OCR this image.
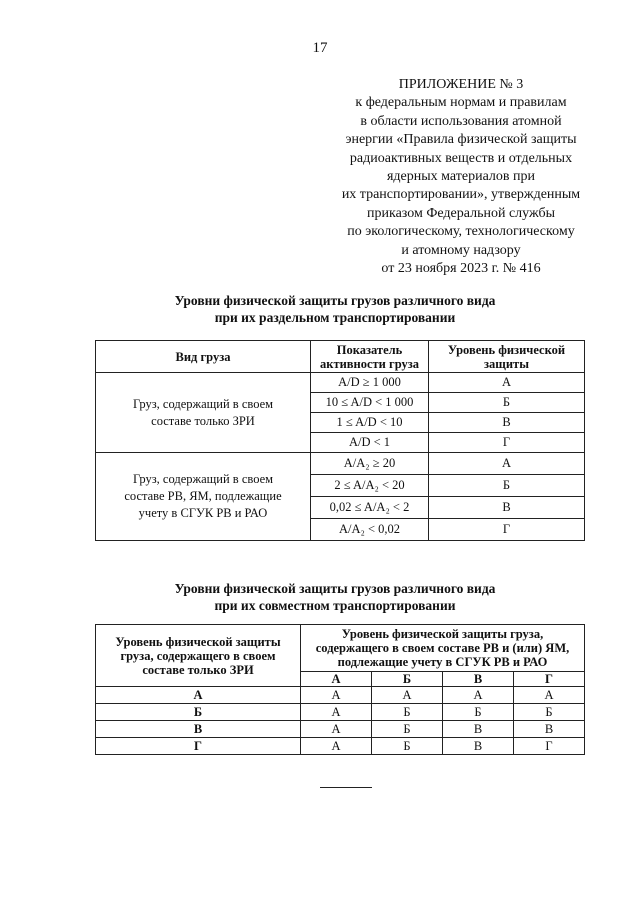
17
ПРИЛОЖЕНИЕ № 3
к федеральным нормам и правилам
в области использования атомной
энергии «Правила физической защиты
радиоактивных веществ и отдельных
ядерных материалов при
их транспортировании», утвержденным
приказом Федеральной службы
по экологическому, технологическому
и атомному надзору
от 23 ноября 2023 г. № 416
Уровни физической защиты грузов различного вида
при их раздельном транспортировании
Вид груза	Показатель
активности груза	Уровень физической
защиты

Груз, содержащий в своем
составе только ЗРИ	A/D ≥ 1 000	А
	10 ≤ A/D < 1 000	Б
	1 ≤ A/D < 10	В
	A/D < 1	Г

Груз, содержащий в своем
составе РВ, ЯМ, подлежащие
учету в СГУК РВ и РАО	A/A₂ ≥ 20	А
	2 ≤ A/A₂ < 20	Б
	0,02 ≤ A/A₂ < 2	В
	A/A₂ < 0,02	Г
Уровни физической защиты грузов различного вида
при их совместном транспортировании
Уровень физической защиты
груза, содержащего в своем
составе только ЗРИ	Уровень физической защиты груза,
содержащего в своем составе РВ и (или) ЯМ,
подлежащие учету в СГУК РВ и РАО			

	А	Б	В	Г
А	А	А	А	А
Б	А	Б	Б	Б
В	А	Б	В	В
Г	А	Б	В	Г
